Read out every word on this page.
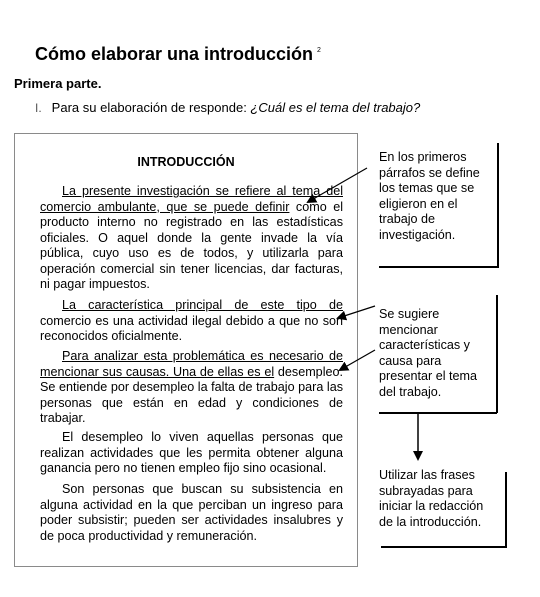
Cómo elaborar una introducción $^2$
Primera parte.
I. Para su elaboración de responde: ¿Cuál es el tema del trabajo?
INTRODUCCIÓN
La presente investigación se refiere al tema del comercio ambulante, que se puede definir como el producto interno no registrado en las estadísticas oficiales. O aquel donde la gente invade la vía pública, cuyo uso es de todos, y utilizarla para operación comercial sin tener licencias, dar facturas, ni pagar impuestos.
La característica principal de este tipo de comercio es una actividad ilegal debido a que no son reconocidos oficialmente.
Para analizar esta problemática es necesario de mencionar sus causas. Una de ellas es el desempleo. Se entiende por desempleo la falta de trabajo para las personas que están en edad y condiciones de trabajar.
El desempleo lo viven aquellas personas que realizan actividades que les permita obtener alguna ganancia pero no tienen empleo fijo sino ocasional.
Son personas que buscan su subsistencia en alguna actividad en la que perciban un ingreso para poder subsistir; pueden ser actividades insalubres y de poca productividad y remuneración.
En los primeros párrafos se define los temas que se eligieron en el trabajo de investigación.
Se sugiere mencionar características y causa para presentar el tema del trabajo.
Utilizar las frases subrayadas para iniciar la redacción de la introducción.
